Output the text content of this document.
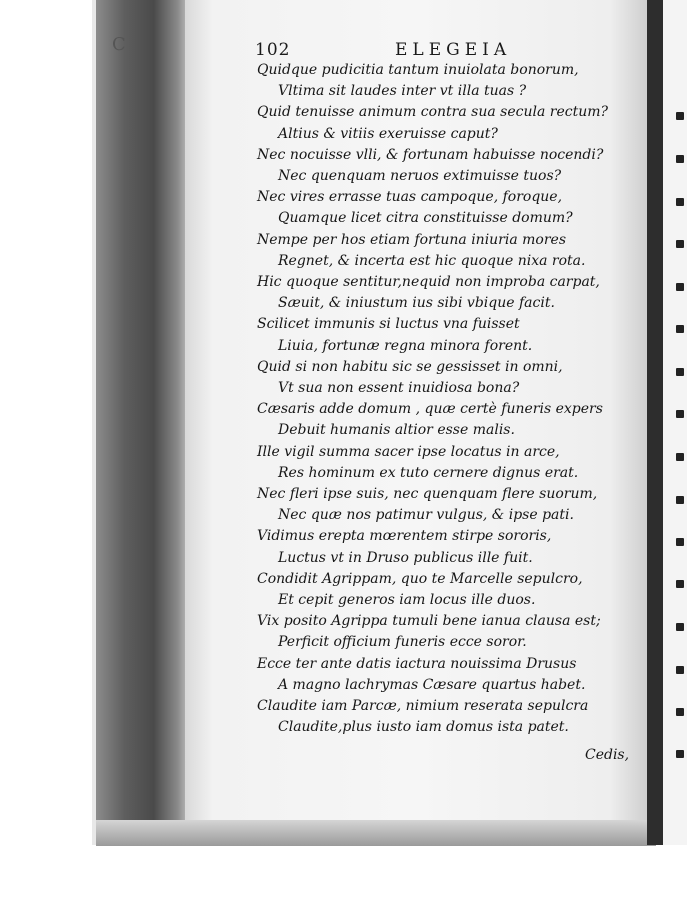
C	102	ELEGEIA
Quidque pudicitia tantum inuiolata bonorum,
Vltima sit laudes inter vt illa tuas ?
Quid tenuisse animum contra sua secula rectum?
Altius & vitiis exeruisse caput?
Nec nocuisse vlli, & fortunam habuisse nocendi?
Nec quenquam neruos extimuisse tuos?
Nec vires errasse tuas campoque, foroque,
Quamque licet citra constituisse domum?
Nempe per hos etiam fortuna iniuria mores
Regnet, & incerta est hic quoque nixa rota.
Hic quoque sentitur,nequid non improba carpat,
Sæuit, & iniustum ius sibi vbique facit.
Scilicet immunis si luctus vna fuisset
Liuia, fortunæ regna minora forent.
Quid si non habitu sic se gessisset in omni,
Vt sua non essent inuidiosa bona?
Cæsaris adde domum , quæ certè funeris expers
Debuit humanis altior esse malis.
Ille vigil summa sacer ipse locatus in arce,
Res hominum ex tuto cernere dignus erat.
Nec fleri ipse suis, nec quenquam flere suorum,
Nec quæ nos patimur vulgus, & ipse pati.
Vidimus erepta mœrentem stirpe sororis,
Luctus vt in Druso publicus ille fuit.
Condidit Agrippam, quo te Marcelle sepulcro,
Et cepit generos iam locus ille duos.
Vix posito Agrippa tumuli bene ianua clausa est;
Perficit officium funeris ecce soror.
Ecce ter ante datis iactura nouissima Drusus
A magno lachrymas Cæsare quartus habet.
Claudite iam Parcæ, nimium reserata sepulcra
Claudite,plus iusto iam domus ista patet.
Cedis,
